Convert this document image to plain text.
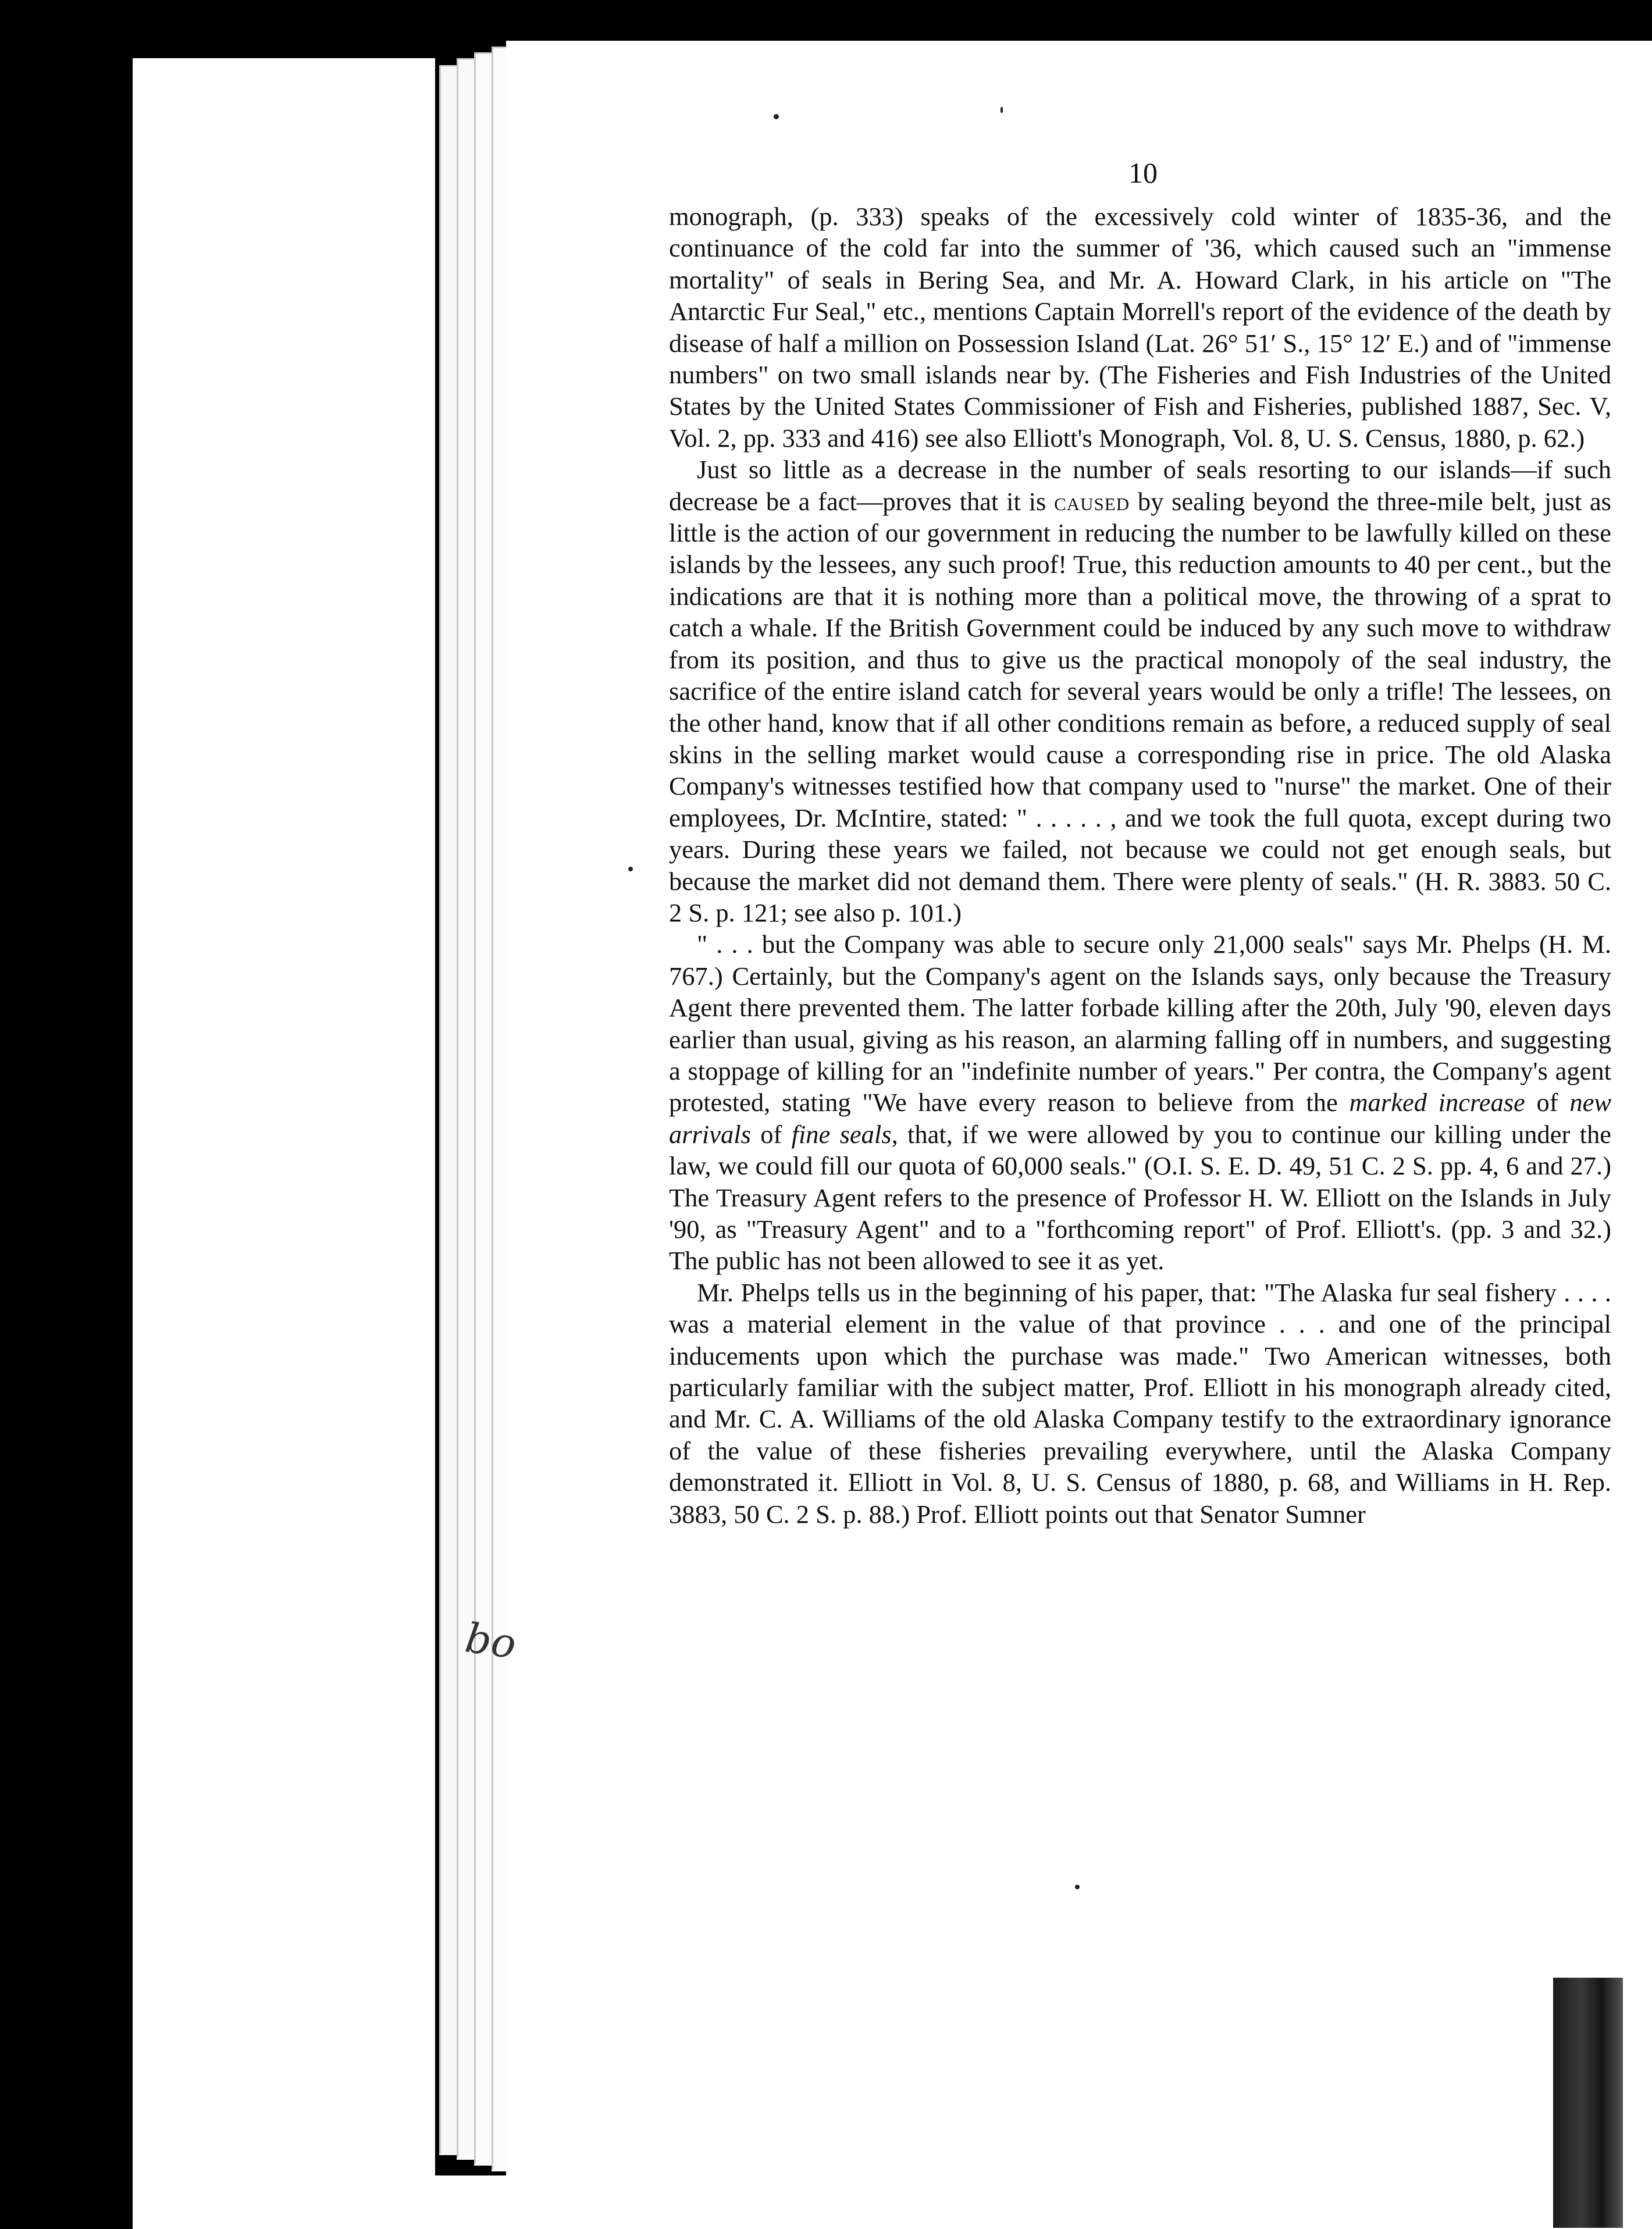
bo
10

monograph, (p. 333) speaks of the excessively cold winter of 1835-36, and the continuance of the cold far into the summer of '36, which caused such an "immense mortality" of seals in Bering Sea, and Mr. A. Howard Clark, in his article on "The Antarctic Fur Seal," etc., mentions Captain Morrell's report of the evidence of the death by disease of half a million on Possession Island (Lat. 26° 51′ S., 15° 12′ E.) and of "immense numbers" on two small islands near by. (The Fisheries and Fish Industries of the United States by the United States Commissioner of Fish and Fisheries, published 1887, Sec. V, Vol. 2, pp. 333 and 416) see also Elliott's Monograph, Vol. 8, U. S. Census, 1880, p. 62.)

Just so little as a decrease in the number of seals resorting to our islands—if such decrease be a fact—proves that it is caused by sealing beyond the three-mile belt, just as little is the action of our government in reducing the number to be lawfully killed on these islands by the lessees, any such proof! True, this reduction amounts to 40 per cent., but the indications are that it is nothing more than a political move, the throwing of a sprat to catch a whale. If the British Government could be induced by any such move to withdraw from its position, and thus to give us the practical monopoly of the seal industry, the sacrifice of the entire island catch for several years would be only a trifle! The lessees, on the other hand, know that if all other conditions remain as before, a reduced supply of seal skins in the selling market would cause a corresponding rise in price. The old Alaska Company's witnesses testified how that company used to "nurse" the market. One of their employees, Dr. McIntire, stated: " . . . . . , and we took the full quota, except during two years. During these years we failed, not because we could not get enough seals, but because the market did not demand them. There were plenty of seals." (H. R. 3883. 50 C. 2 S. p. 121; see also p. 101.)

" . . . but the Company was able to secure only 21,000 seals" says Mr. Phelps (H. M. 767.) Certainly, but the Company's agent on the Islands says, only because the Treasury Agent there prevented them. The latter forbade killing after the 20th, July '90, eleven days earlier than usual, giving as his reason, an alarming falling off in numbers, and suggesting a stoppage of killing for an "indefinite number of years." Per contra, the Company's agent protested, stating "We have every reason to believe from the marked increase of new arrivals of fine seals, that, if we were allowed by you to continue our killing under the law, we could fill our quota of 60,000 seals." (O.I. S. E. D. 49, 51 C. 2 S. pp. 4, 6 and 27.) The Treasury Agent refers to the presence of Professor H. W. Elliott on the Islands in July '90, as "Treasury Agent" and to a "forthcoming report" of Prof. Elliott's. (pp. 3 and 32.) The public has not been allowed to see it as yet.

Mr. Phelps tells us in the beginning of his paper, that: "The Alaska fur seal fishery . . . . was a material element in the value of that province . . . and one of the principal inducements upon which the purchase was made." Two American witnesses, both particularly familiar with the subject matter, Prof. Elliott in his monograph already cited, and Mr. C. A. Williams of the old Alaska Company testify to the extraordinary ignorance of the value of these fisheries prevailing everywhere, until the Alaska Company demonstrated it. Elliott in Vol. 8, U. S. Census of 1880, p. 68, and Williams in H. Rep. 3883, 50 C. 2 S. p. 88.) Prof. Elliott points out that Senator Sumner
